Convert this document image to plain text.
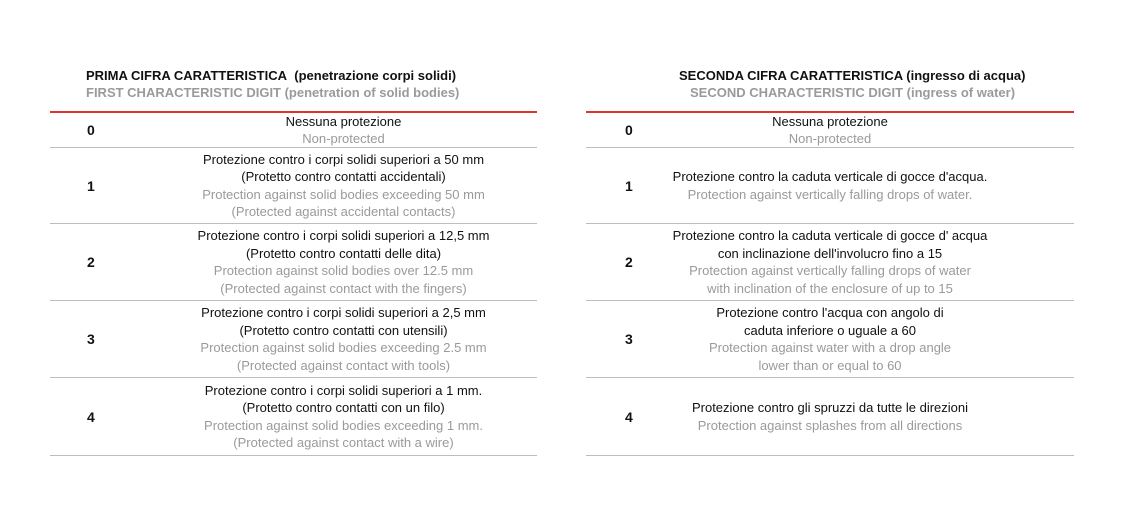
PRIMA CIFRA CARATTERISTICA (penetrazione corpi solidi)
FIRST CHARACTERISTIC DIGIT (penetration of solid bodies)
0
Nessuna protezione
Non-protected
1
Protezione contro i corpi solidi superiori a 50 mm
(Protetto contro contatti accidentali)
Protection against solid bodies exceeding 50 mm
(Protected against accidental contacts)
2
Protezione contro i corpi solidi superiori a 12,5 mm
(Protetto contro contatti delle dita)
Protection against solid bodies over 12.5 mm
(Protected against contact with the fingers)
3
Protezione contro i corpi solidi superiori a 2,5 mm
(Protetto contro contatti con utensili)
Protection against solid bodies exceeding 2.5 mm
(Protected against contact with tools)
4
Protezione contro i corpi solidi superiori a 1 mm.
(Protetto contro contatti con un filo)
Protection against solid bodies exceeding 1 mm.
(Protected against contact with a wire)
SECONDA CIFRA CARATTERISTICA (ingresso di acqua)
SECOND CHARACTERISTIC DIGIT (ingress of water)
0
Nessuna protezione
Non-protected
1
Protezione contro la caduta verticale di gocce d'acqua.
Protection against vertically falling drops of water.
2
Protezione contro la caduta verticale di gocce d' acqua
con inclinazione dell'involucro fino a 15
Protection against vertically falling drops of water
with inclination of the enclosure of up to 15
3
Protezione contro l'acqua con angolo di
caduta inferiore o uguale a 60
Protection against water with a drop angle
lower than or equal to 60
4
Protezione contro gli spruzzi da tutte le direzioni
Protection against splashes from all directions
